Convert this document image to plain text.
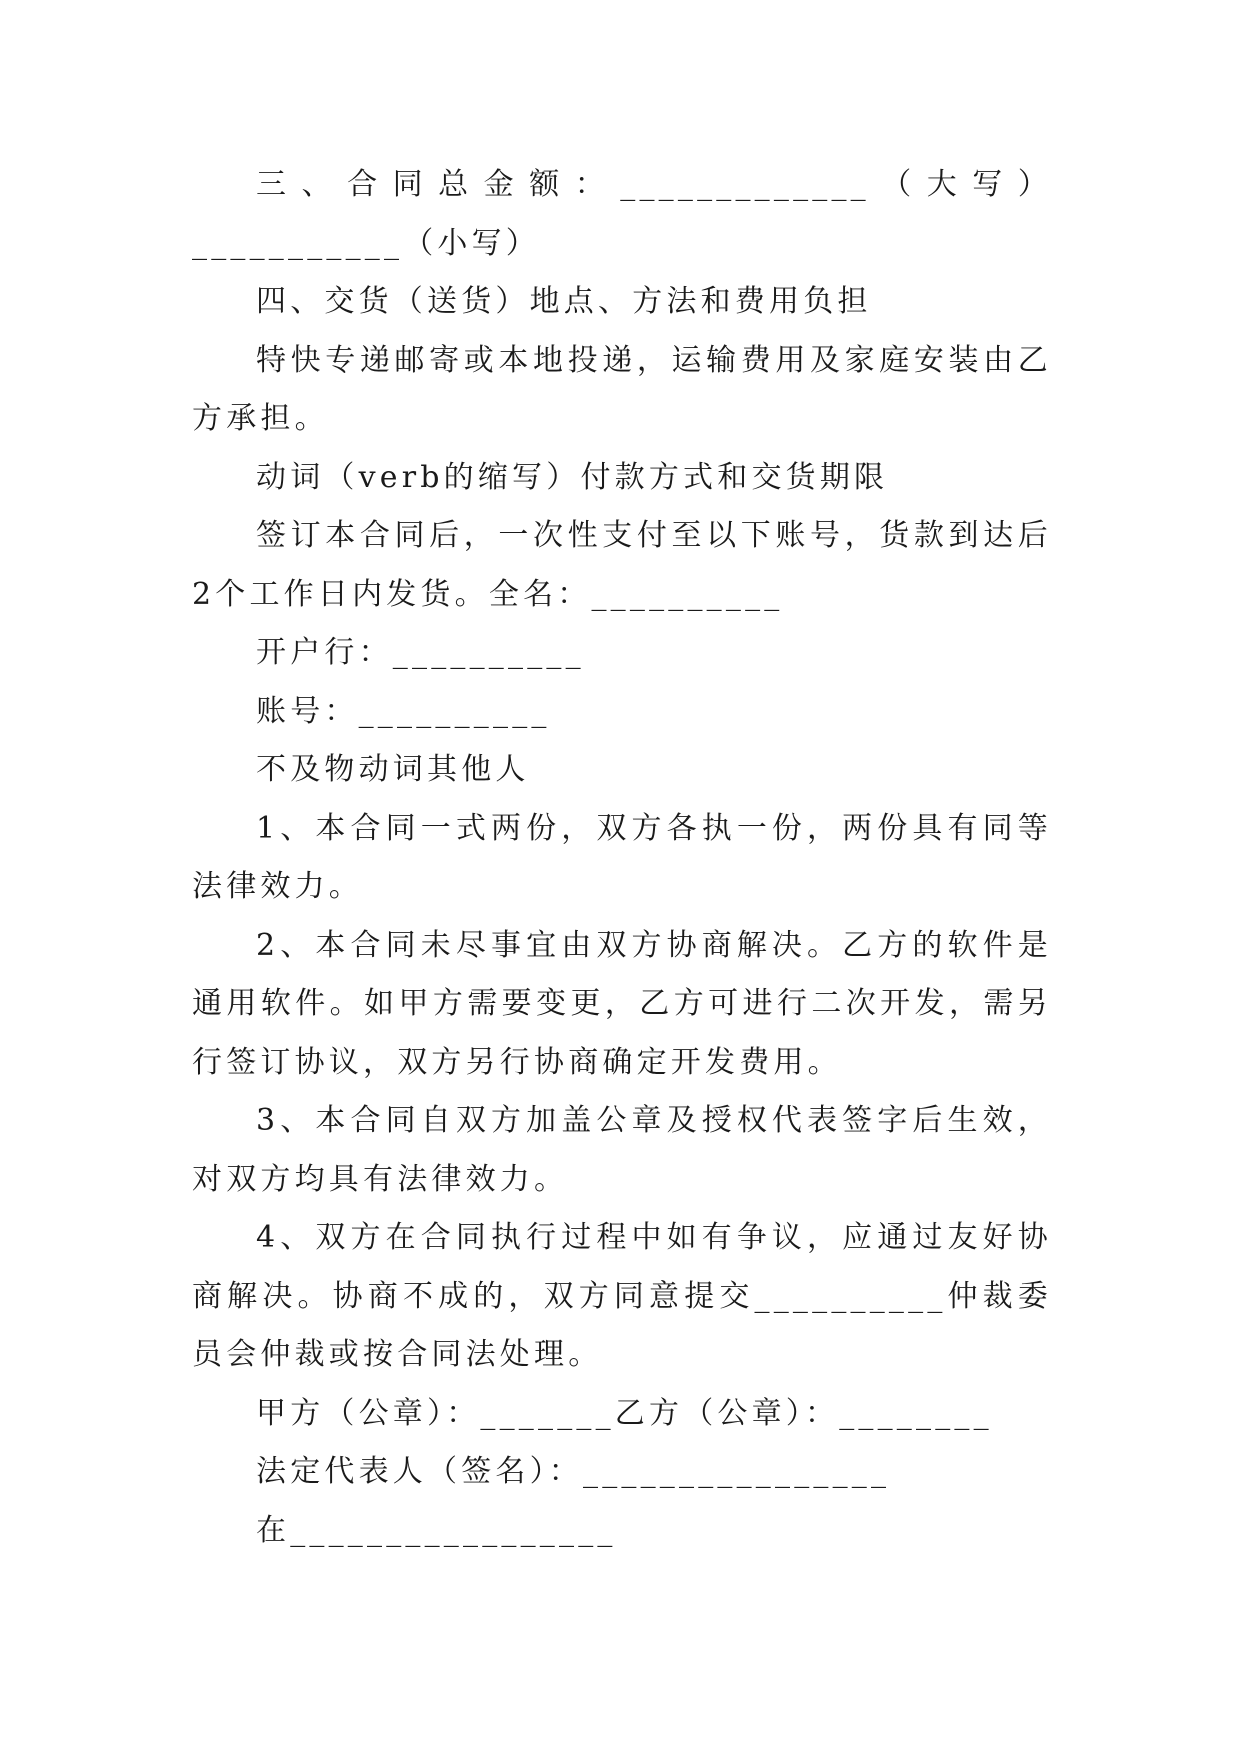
三、合同总金额：_____________（大写）___________（小写）

四、交货（送货）地点、方法和费用负担

特快专递邮寄或本地投递，运输费用及家庭安装由乙方承担。

动词（verb的缩写）付款方式和交货期限

签订本合同后，一次性支付至以下账号，货款到达后2个工作日内发货。全名：__________

开户行：__________

账号：__________

不及物动词其他人

1、本合同一式两份，双方各执一份，两份具有同等法律效力。

2、本合同未尽事宜由双方协商解决。乙方的软件是通用软件。如甲方需要变更，乙方可进行二次开发，需另行签订协议，双方另行协商确定开发费用。

3、本合同自双方加盖公章及授权代表签字后生效，对双方均具有法律效力。

4、双方在合同执行过程中如有争议，应通过友好协商解决。协商不成的，双方同意提交__________仲裁委员会仲裁或按合同法处理。

甲方（公章）：_______乙方（公章）：________

法定代表人（签名）：________________

在_________________
